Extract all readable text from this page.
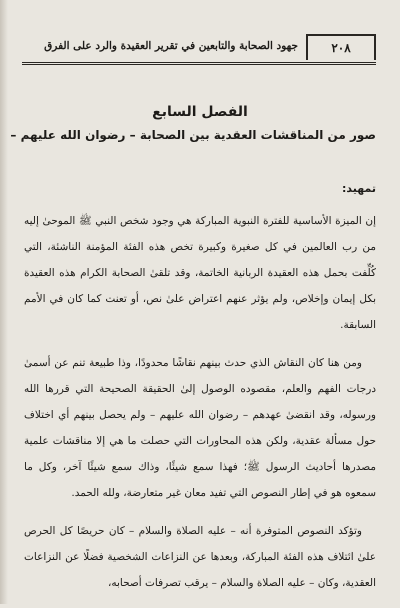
٢٠٨
جهود الصحابة والتابعين في تقرير العقيدة والرد على الفرق
الفصل السابع
صور من المناقشات العقدية بين الصحابة – رضوان الله عليهم –
تمهيد:

إن الميزة الأساسية للفترة النبوية المباركة هي وجود شخص النبي ﷺ الموحىٰ إليه من رب العالمين في كل صغيرة وكبيرة تخص هذه الفئة المؤمنة الناشئة، التي كُلِّفت بحمل هذه العقيدة الربانية الخاتمة، وقد تلقىٰ الصحابة الكرام هذه العقيدة بكل إيمان وإخلاص، ولم يؤثر عنهم اعتراض علىٰ نص، أو تعنت كما كان في الأمم السابقة.

ومن هنا كان النقاش الذي حدث بينهم نقاشًا محدودًا، وذا طبيعة تنم عن أسمىٰ درجات الفهم والعلم، مقصوده الوصول إلىٰ الحقيقة الصحيحة التي قررها الله ورسوله، وقد انقضىٰ عهدهم – رضوان الله عليهم – ولم يحصل بينهم أي اختلاف حول مسألة عقدية، ولكن هذه المحاورات التي حصلت ما هي إلا مناقشات علمية مصدرها أحاديث الرسول ﷺ؛ فهذا سمع شيئًا، وذاك سمع شيئًا آخر، وكل ما سمعوه هو في إطار النصوص التي تفيد معان غير متعارضة، ولله الحمد.

وتؤكد النصوص المتوفرة أنه – عليه الصلاة والسلام – كان حريصًا كل الحرص علىٰ ائتلاف هذه الفئة المباركة، وبعدها عن النزاعات الشخصية فضلًا عن النزاعات العقدية، وكان – عليه الصلاة والسلام – يرقب تصرفات أصحابه،
